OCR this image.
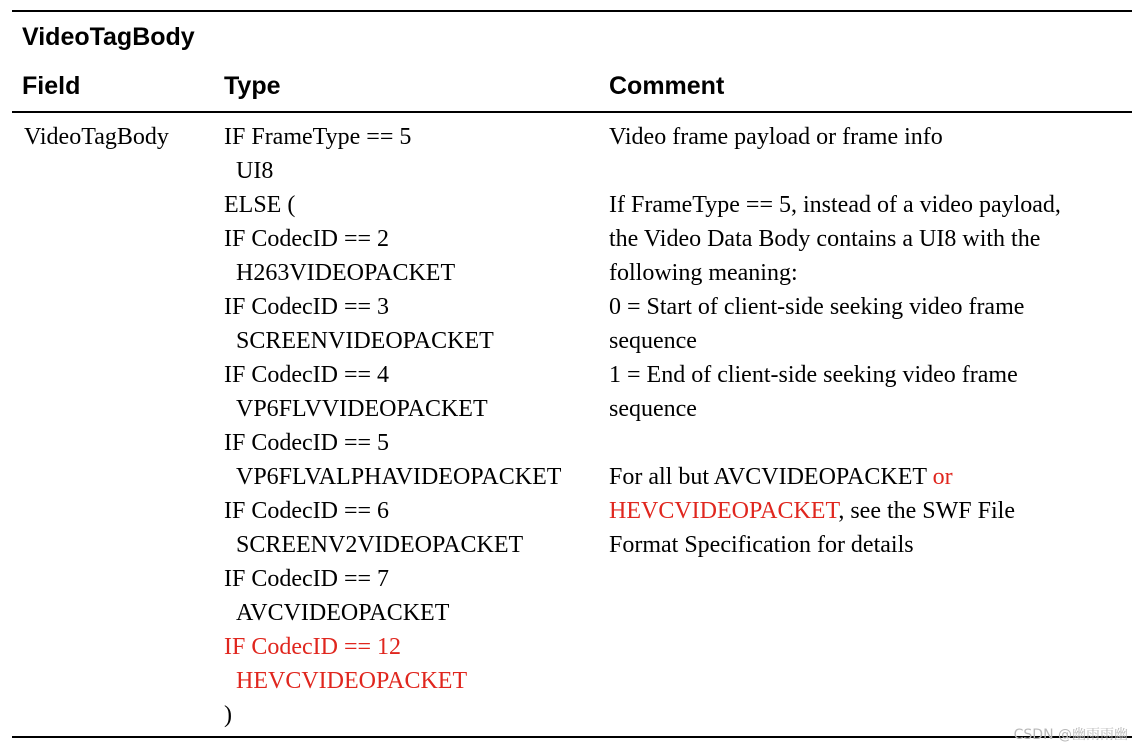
VideoTagBody
Field	Type	Comment
VideoTagBody IF FrameType == 5
UI8
ELSE (
IF CodecID == 2
H263VIDEOPACKET
IF CodecID == 3
SCREENVIDEOPACKET
IF CodecID == 4
VP6FLVVIDEOPACKET
IF CodecID == 5
VP6FLVALPHAVIDEOPACKET
IF CodecID == 6
SCREENV2VIDEOPACKET
IF CodecID == 7
AVCVIDEOPACKET
IF CodecID == 12
HEVCVIDEOPACKET
)
Video frame payload or frame info
If FrameType == 5, instead of a video payload,
the Video Data Body contains a UI8 with the
following meaning:
0 = Start of client-side seeking video frame
sequence
1 = End of client-side seeking video frame
sequence
For all but AVCVIDEOPACKET or
HEVCVIDEOPACKET, see the SWF File
Format Specification for details
CSDN @幽雨雨幽
